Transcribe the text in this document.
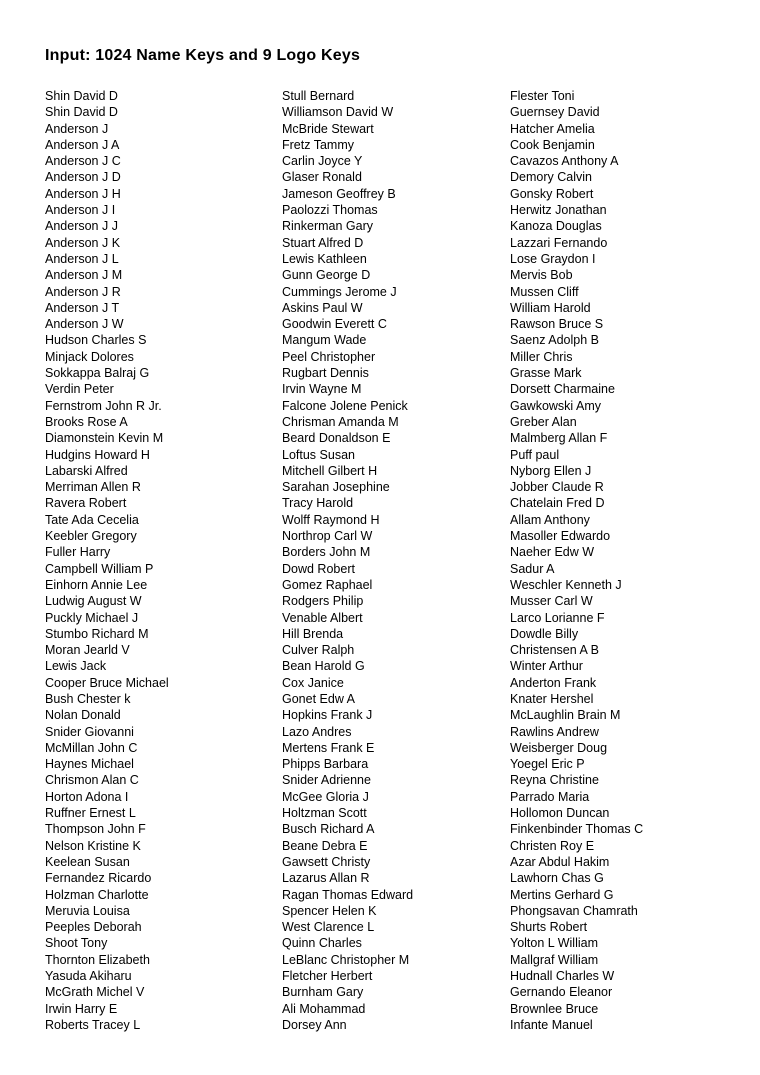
Input: 1024 Name Keys and 9 Logo Keys
Shin David D
Shin David D
Anderson J
Anderson J A
Anderson J C
Anderson J D
Anderson J H
Anderson J I
Anderson J J
Anderson J K
Anderson J L
Anderson J M
Anderson J R
Anderson J T
Anderson J W
Hudson Charles S
Minjack Dolores
Sokkappa Balraj G
Verdin Peter
Fernstrom John R Jr.
Brooks Rose A
Diamonstein Kevin M
Hudgins Howard H
Labarski Alfred
Merriman Allen R
Ravera Robert
Tate Ada Cecelia
Keebler Gregory
Fuller Harry
Campbell William P
Einhorn Annie Lee
Ludwig August W
Puckly Michael J
Stumbo Richard M
Moran Jearld V
Lewis Jack
Cooper Bruce Michael
Bush Chester k
Nolan Donald
Snider Giovanni
McMillan John C
Haynes Michael
Chrismon Alan C
Horton Adona I
Ruffner Ernest L
Thompson John F
Nelson Kristine K
Keelean Susan
Fernandez Ricardo
Holzman Charlotte
Meruvia Louisa
Peeples Deborah
Shoot Tony
Thornton Elizabeth
Yasuda Akiharu
McGrath Michel V
Irwin Harry E
Roberts Tracey L
Stull Bernard
Williamson David W
McBride Stewart
Fretz Tammy
Carlin Joyce Y
Glaser Ronald
Jameson Geoffrey B
Paolozzi Thomas
Rinkerman Gary
Stuart Alfred D
Lewis Kathleen
Gunn George D
Cummings Jerome J
Askins Paul W
Goodwin Everett C
Mangum Wade
Peel Christopher
Rugbart Dennis
Irvin Wayne M
Falcone Jolene Penick
Chrisman Amanda M
Beard Donaldson E
Loftus Susan
Mitchell Gilbert H
Sarahan Josephine
Tracy Harold
Wolff Raymond H
Northrop Carl W
Borders John M
Dowd Robert
Gomez Raphael
Rodgers Philip
Venable Albert
Hill Brenda
Culver Ralph
Bean Harold G
Cox Janice
Gonet Edw A
Hopkins Frank J
Lazo Andres
Mertens Frank E
Phipps Barbara
Snider Adrienne
McGee Gloria J
Holtzman Scott
Busch Richard A
Beane Debra E
Gawsett Christy
Lazarus Allan R
Ragan Thomas Edward
Spencer Helen K
West Clarence L
Quinn Charles
LeBlanc Christopher M
Fletcher Herbert
Burnham Gary
Ali Mohammad
Dorsey Ann
Flester Toni
Guernsey David
Hatcher Amelia
Cook Benjamin
Cavazos Anthony A
Demory Calvin
Gonsky Robert
Herwitz Jonathan
Kanoza Douglas
Lazzari Fernando
Lose Graydon I
Mervis Bob
Mussen Cliff
William Harold
Rawson Bruce S
Saenz Adolph B
Miller Chris
Grasse Mark
Dorsett Charmaine
Gawkowski Amy
Greber Alan
Malmberg Allan F
Puff paul
Nyborg Ellen J
Jobber Claude R
Chatelain Fred D
Allam Anthony
Masoller Edwardo
Naeher Edw W
Sadur A
Weschler Kenneth J
Musser Carl W
Larco Lorianne F
Dowdle Billy
Christensen A B
Winter Arthur
Anderton Frank
Knater Hershel
McLaughlin Brain M
Rawlins Andrew
Weisberger Doug
Yoegel Eric P
Reyna Christine
Parrado Maria
Hollomon Duncan
Finkenbinder Thomas C
Christen Roy E
Azar Abdul Hakim
Lawhorn Chas G
Mertins Gerhard G
Phongsavan Chamrath
Shurts Robert
Yolton L William
Mallgraf William
Hudnall Charles W
Gernando Eleanor
Brownlee Bruce
Infante Manuel
